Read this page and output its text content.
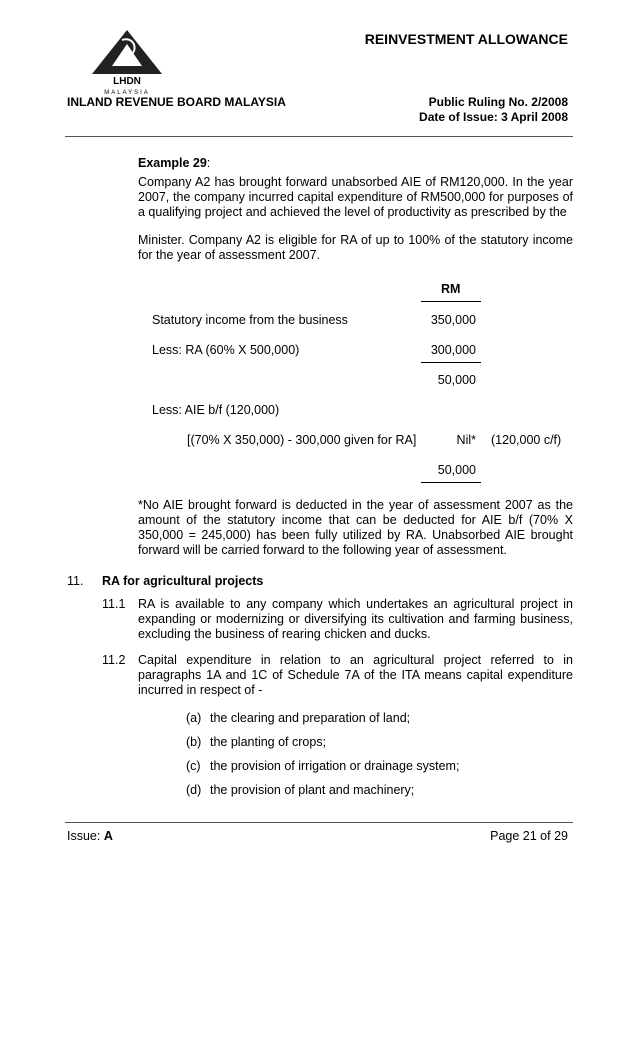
REINVESTMENT ALLOWANCE
LHDN
MALAYSIA
INLAND REVENUE BOARD MALAYSIA	Public Ruling No. 2/2008
Date of Issue: 3 April 2008
Example 29:
Company A2 has brought forward unabsorbed AIE of RM120,000. In the year 2007, the company incurred capital expenditure of RM500,000 for purposes of a qualifying project and achieved the level of productivity as prescribed by the
Minister. Company A2 is eligible for RA of up to 100% of the statutory income for the year of assessment 2007.
RM
Statutory income from the business	350,000
Less: RA (60% X 500,000)	300,000
50,000
Less: AIE b/f (120,000)
[(70% X 350,000) - 300,000 given for RA]	Nil* (120,000 c/f)
50,000
*No AIE brought forward is deducted in the year of assessment 2007 as the amount of the statutory income that can be deducted for AIE b/f (70% X 350,000 = 245,000) has been fully utilized by RA. Unabsorbed AIE brought forward will be carried forward to the following year of assessment.
11. RA for agricultural projects
11.1 RA is available to any company which undertakes an agricultural project in expanding or modernizing or diversifying its cultivation and farming business, excluding the business of rearing chicken and ducks.
11.2 Capital expenditure in relation to an agricultural project referred to in paragraphs 1A and 1C of Schedule 7A of the ITA means capital expenditure incurred in respect of -
(a) the clearing and preparation of land;
(b) the planting of crops;
(c) the provision of irrigation or drainage system;
(d) the provision of plant and machinery;
Issue: A	Page 21 of 29
